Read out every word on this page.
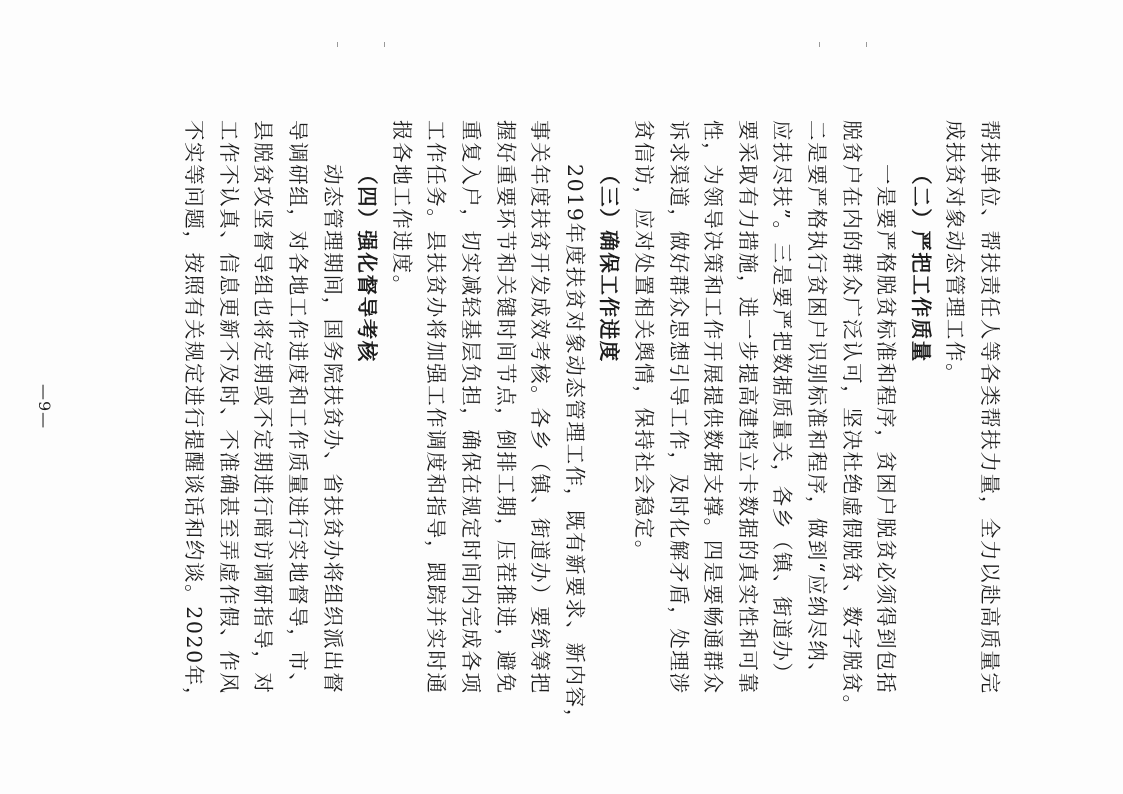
帮扶单位、帮扶责任人等各类帮扶力量，全力以赴高质量完
成扶贫对象动态管理工作。
（二）严把工作质量
一是要严格脱贫标准和程序，贫困户脱贫必须得到包括
脱贫户在内的群众广泛认可，坚决杜绝虚假脱贫、数字脱贫。
二是要严格执行贫困户识别标准和程序，做到“应纳尽纳、
应扶尽扶”。三是要严把数据质量关，各乡（镇、街道办）
要采取有力措施，进一步提高建档立卡数据的真实性和可靠
性，为领导决策和工作开展提供数据支撑。四是要畅通群众
诉求渠道，做好群众思想引导工作，及时化解矛盾，处理涉
贫信访，应对处置相关舆情，保持社会稳定。
（三）确保工作进度
2019年度扶贫对象动态管理工作，既有新要求、新内容，
事关年度扶贫开发成效考核。各乡（镇、街道办）要统筹把
握好重要环节和关键时间节点，倒排工期，压茬推进，避免
重复入户，切实减轻基层负担，确保在规定时间内完成各项
工作任务。县扶贫办将加强工作调度和指导，跟踪并实时通
报各地工作进度。
（四）强化督导考核
动态管理期间，国务院扶贫办、省扶贫办将组织派出督
导调研组，对各地工作进度和工作质量进行实地督导，市、
县脱贫攻坚督导组也将定期或不定期进行暗访调研指导，对
工作不认真、信息更新不及时、不准确甚至弄虚作假、作风
不实等问题，按照有关规定进行提醒谈话和约谈。2020年，
—9—
